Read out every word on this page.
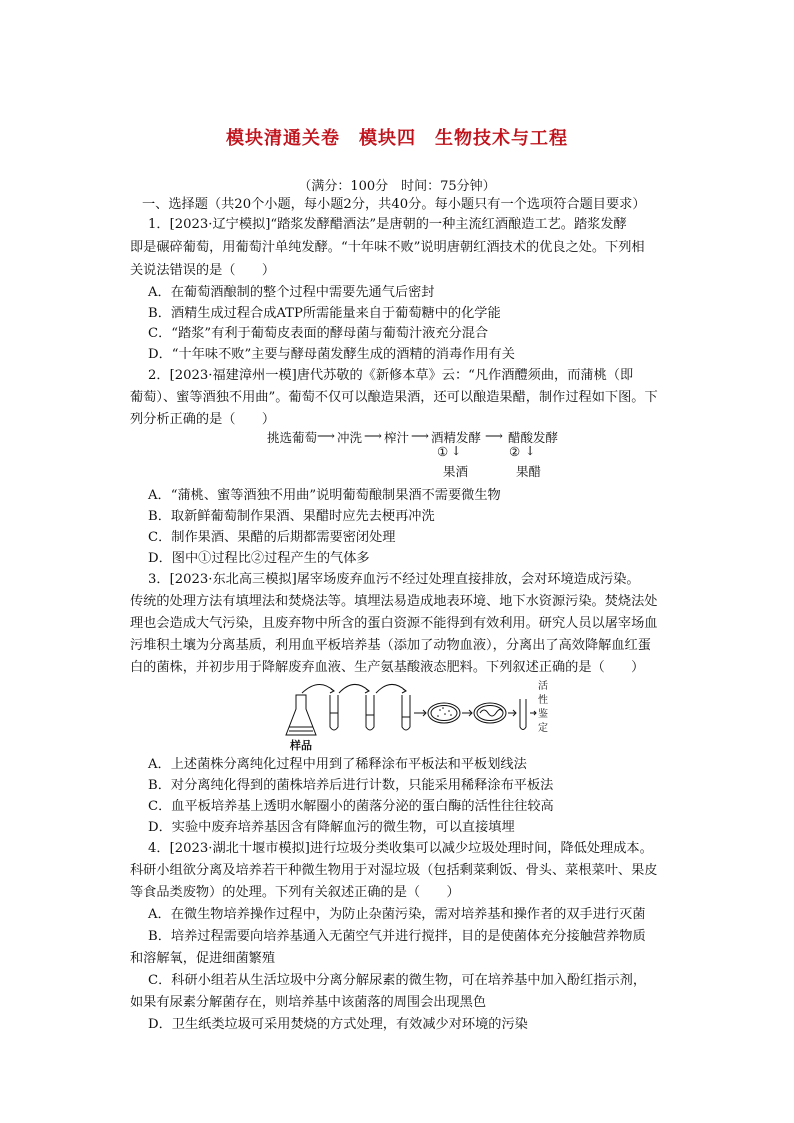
模块清通关卷　模块四　生物技术与工程
（满分：100分　时间：75分钟）
一、选择题（共20个小题，每小题2分，共40分。每小题只有一个选项符合题目要求）
1．[2023·辽宁模拟]“踏浆发酵醋酒法”是唐朝的一种主流红酒酿造工艺。踏浆发酵
即是碾碎葡萄，用葡萄汁单纯发酵。“十年味不败”说明唐朝红酒技术的优良之处。下列相
关说法错误的是（　　）
A．在葡萄酒酿制的整个过程中需要先通气后密封
B．酒精生成过程合成ATP所需能量来自于葡萄糖中的化学能
C．“踏浆”有利于葡萄皮表面的酵母菌与葡萄汁液充分混合
D．“十年味不败”主要与酵母菌发酵生成的酒精的消毒作用有关
2．[2023·福建漳州一模]唐代苏敬的《新修本草》云：“凡作酒醴须曲，而蒲桃（即
葡萄）、蜜等酒独不用曲”。葡萄不仅可以酿造果酒，还可以酿造果醋，制作过程如下图。下
列分析正确的是（　　）
挑选葡萄 ⟶ 冲洗 ⟶ 榨汁 ⟶ 酒精发酵 ⟶ 醋酸发酵
① ↓	② ↓
果酒	果醋
A．“蒲桃、蜜等酒独不用曲”说明葡萄酿制果酒不需要微生物
B．取新鲜葡萄制作果酒、果醋时应先去梗再冲洗
C．制作果酒、果醋的后期都需要密闭处理
D．图中①过程比②过程产生的气体多
3．[2023·东北高三模拟]屠宰场废弃血污不经过处理直接排放，会对环境造成污染。
传统的处理方法有填埋法和焚烧法等。填埋法易造成地表环境、地下水资源污染。焚烧法处
理也会造成大气污染，且废弃物中所含的蛋白资源不能得到有效利用。研究人员以屠宰场血
污堆积土壤为分离基质，利用血平板培养基（添加了动物血液），分离出了高效降解血红蛋
白的菌株，并初步用于降解废弃血液、生产氨基酸液态肥料。下列叙述正确的是（　　）
样品
活
性
鉴
定
A．上述菌株分离纯化过程中用到了稀释涂布平板法和平板划线法
B．对分离纯化得到的菌株培养后进行计数，只能采用稀释涂布平板法
C．血平板培养基上透明水解圈小的菌落分泌的蛋白酶的活性往往较高
D．实验中废弃培养基因含有降解血污的微生物，可以直接填埋
4．[2023·湖北十堰市模拟]进行垃圾分类收集可以减少垃圾处理时间，降低处理成本。
科研小组欲分离及培养若干种微生物用于对湿垃圾（包括剩菜剩饭、骨头、菜根菜叶、果皮
等食品类废物）的处理。下列有关叙述正确的是（　　）
A．在微生物培养操作过程中，为防止杂菌污染，需对培养基和操作者的双手进行灭菌
B．培养过程需要向培养基通入无菌空气并进行搅拌，目的是使菌体充分接触营养物质
和溶解氧，促进细菌繁殖
C．科研小组若从生活垃圾中分离分解尿素的微生物，可在培养基中加入酚红指示剂，
如果有尿素分解菌存在，则培养基中该菌落的周围会出现黑色
D．卫生纸类垃圾可采用焚烧的方式处理，有效减少对环境的污染
